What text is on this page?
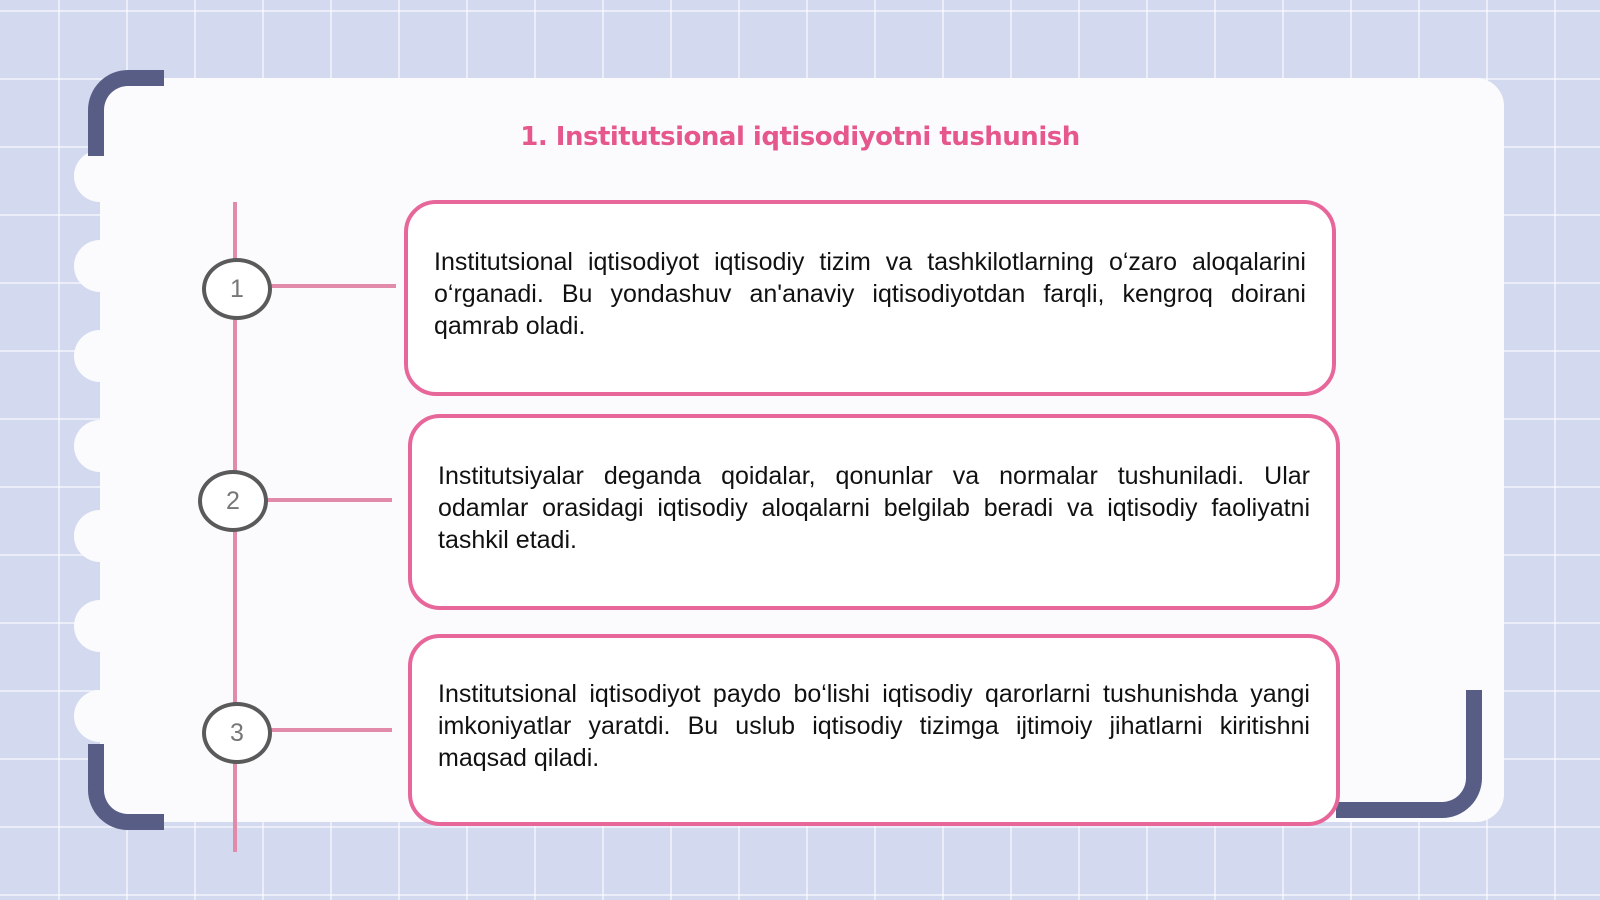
1. Institutsional iqtisodiyotni tushunish
1
2
3

Institutsional iqtisodiyot iqtisodiy tizim va tashkilotlarning o‘zaro aloqalarini o‘rganadi. Bu yondashuv an'anaviy iqtisodiyotdan farqli, kengroq doirani qamrab oladi.

Institutsiyalar deganda qoidalar, qonunlar va normalar tushuniladi. Ular odamlar orasidagi iqtisodiy aloqalarni belgilab beradi va iqtisodiy faoliyatni tashkil etadi.

Institutsional iqtisodiyot paydo bo‘lishi iqtisodiy qarorlarni tushunishda yangi imkoniyatlar yaratdi. Bu uslub iqtisodiy tizimga ijtimoiy jihatlarni kiritishni maqsad qiladi.
